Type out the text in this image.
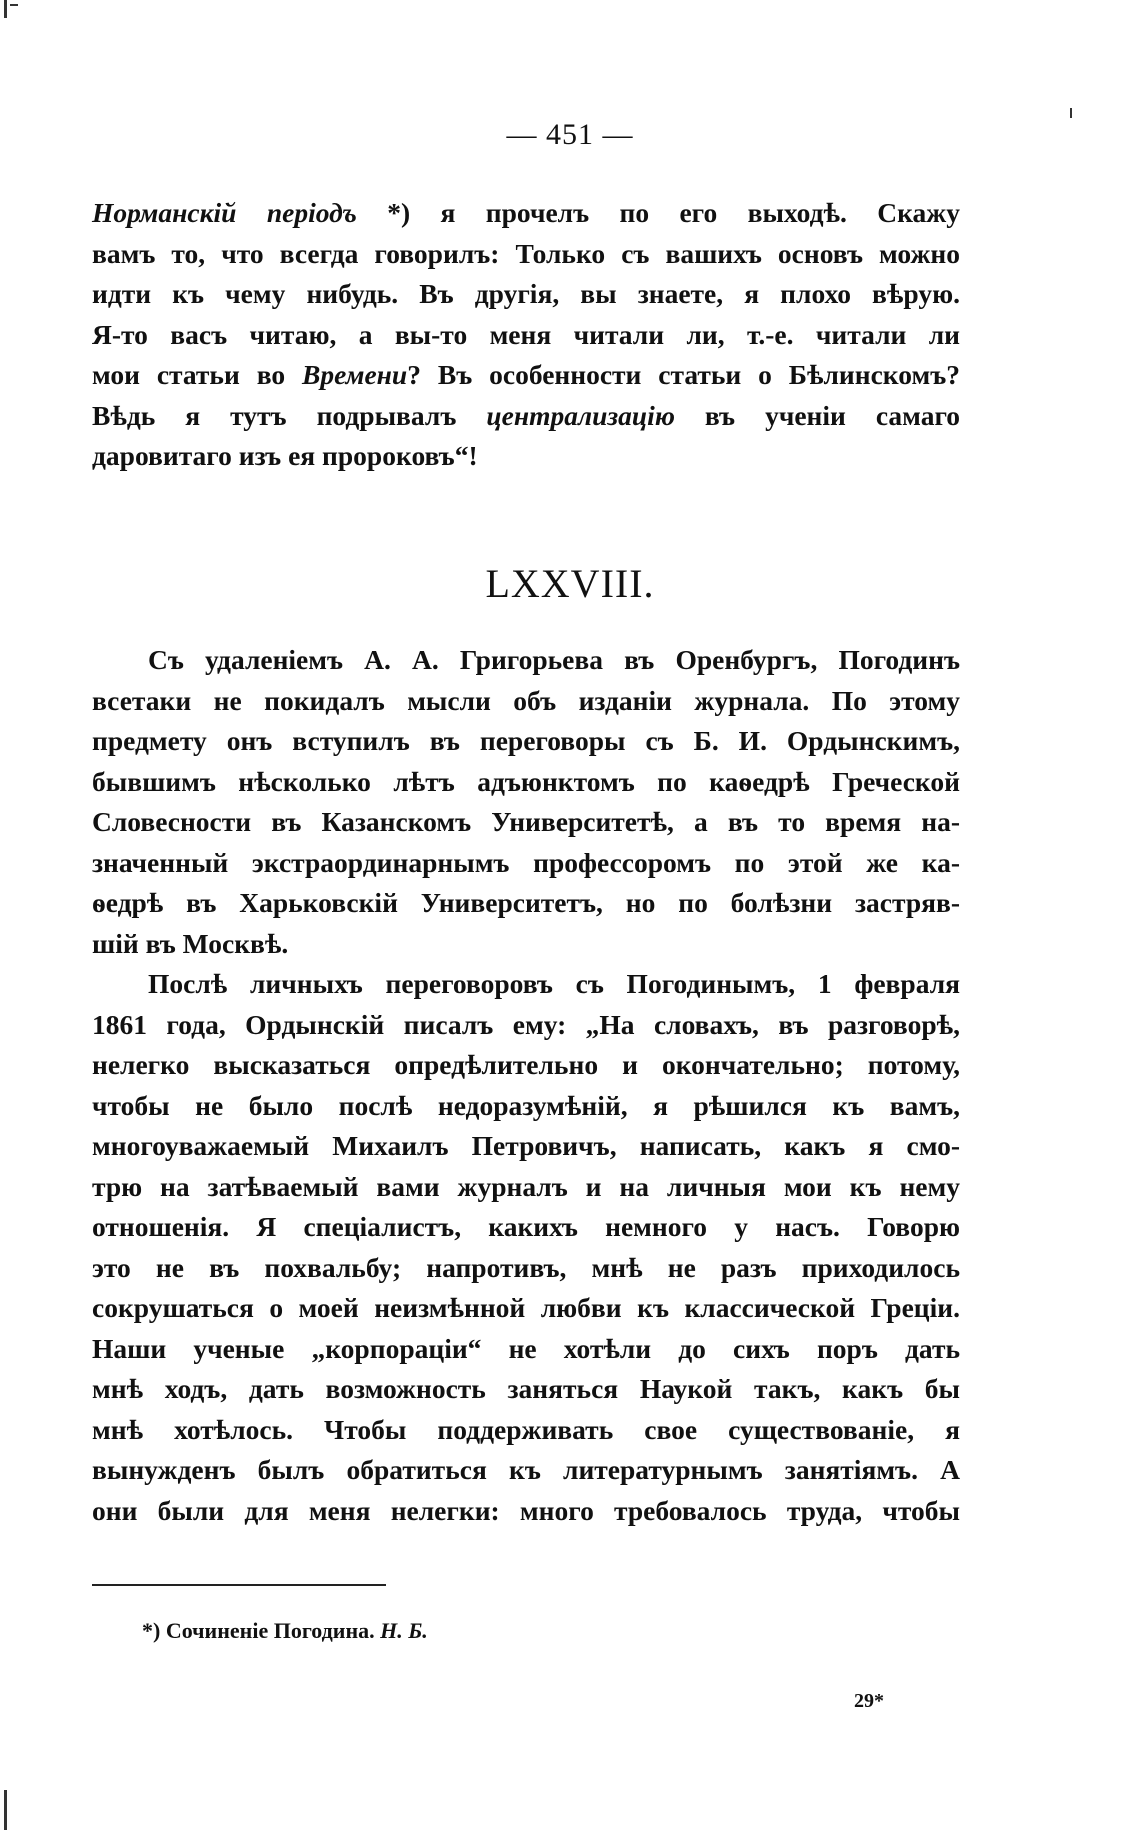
— 451 —
Норманскій періодъ *) я прочелъ по его выходѣ. Скажу
вамъ то, что всегда говорилъ: Только съ вашихъ основъ можно
идти къ чему нибудь. Въ другія, вы знаете, я плохо вѣрую.
Я-то васъ читаю, а вы-то меня читали ли, т.-е. читали ли
мои статьи во Времени? Въ особенности статьи о Бѣлинскомъ?
Вѣдь я тутъ подрывалъ централизацію въ ученіи самаго
даровитаго изъ ея пророковъ“!
LXXVIII.
Съ удаленіемъ А. А. Григорьева въ Оренбургъ, Погодинъ
всетаки не покидалъ мысли объ изданіи журнала. По этому
предмету онъ вступилъ въ переговоры съ Б. И. Ордынскимъ,
бывшимъ нѣсколько лѣтъ адъюнктомъ по каѳедрѣ Греческой
Словесности въ Казанскомъ Университетѣ, а въ то время на-
значенный экстраординарнымъ профессоромъ по этой же ка-
ѳедрѣ въ Харьковскій Университетъ, но по болѣзни застряв-
шій въ Москвѣ.
Послѣ личныхъ переговоровъ съ Погодинымъ, 1 февраля
1861 года, Ордынскій писалъ ему: „На словахъ, въ разговорѣ,
нелегко высказаться опредѣлительно и окончательно; потому,
чтобы не было послѣ недоразумѣній, я рѣшился къ вамъ,
многоуважаемый Михаилъ Петровичъ, написать, какъ я смо-
трю на затѣваемый вами журналъ и на личныя мои къ нему
отношенія. Я спеціалистъ, какихъ немного у насъ. Говорю
это не въ похвальбу; напротивъ, мнѣ не разъ приходилось
сокрушаться о моей неизмѣнной любви къ классической Греціи.
Наши ученые „корпораціи“ не хотѣли до сихъ поръ дать
мнѣ ходъ, дать возможность заняться Наукой такъ, какъ бы
мнѣ хотѣлось. Чтобы поддерживать свое существованіе, я
вынужденъ былъ обратиться къ литературнымъ занятіямъ. А
они были для меня нелегки: много требовалось труда, чтобы
*) Сочиненіе Погодина. Н. Б.
29*
